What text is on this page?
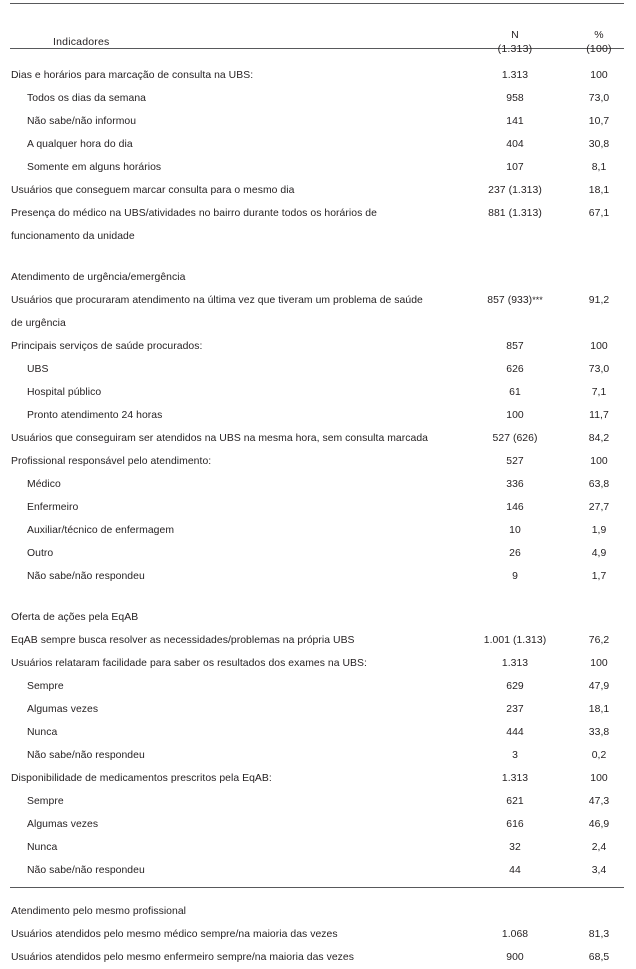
Indicadores	N
(1.313)	%
(100)

Dias e horários para marcação de consulta na UBS:	1.313	100
Todos os dias da semana	958	73,0
Não sabe/não informou	141	10,7
A qualquer hora do dia	404	30,8
Somente em alguns horários	107	8,1
Usuários que conseguem marcar consulta para o mesmo dia	237 (1.313)	18,1

Presença do médico na UBS/atividades no bairro durante todos os horários de
funcionamento da unidade	881 (1.313)	67,1

Atendimento de urgência/emergência		

Usuários que procuraram atendimento na última vez que tiveram um problema de saúde
de urgência	857 (933)***	91,2
Principais serviços de saúde procurados:	857	100
UBS	626	73,0
Hospital público	61	7,1
Pronto atendimento 24 horas	100	11,7
Usuários que conseguiram ser atendidos na UBS na mesma hora, sem consulta marcada	527 (626)	84,2
Profissional responsável pelo atendimento:	527	100
Médico	336	63,8
Enfermeiro	146	27,7
Auxiliar/técnico de enfermagem	10	1,9
Outro	26	4,9
Não sabe/não respondeu	9	1,7

Oferta de ações pela EqAB		
EqAB sempre busca resolver as necessidades/problemas na própria UBS	1.001 (1.313)	76,2
Usuários relataram facilidade para saber os resultados dos exames na UBS:	1.313	100
Sempre	629	47,9
Algumas vezes	237	18,1
Nunca	444	33,8
Não sabe/não respondeu	3	0,2
Disponibilidade de medicamentos prescritos pela EqAB:	1.313	100
Sempre	621	47,3
Algumas vezes	616	46,9
Nunca	32	2,4
Não sabe/não respondeu	44	3,4

Atendimento pelo mesmo profissional		
Usuários atendidos pelo mesmo médico sempre/na maioria das vezes	1.068	81,3
Usuários atendidos pelo mesmo enfermeiro sempre/na maioria das vezes	900	68,5
